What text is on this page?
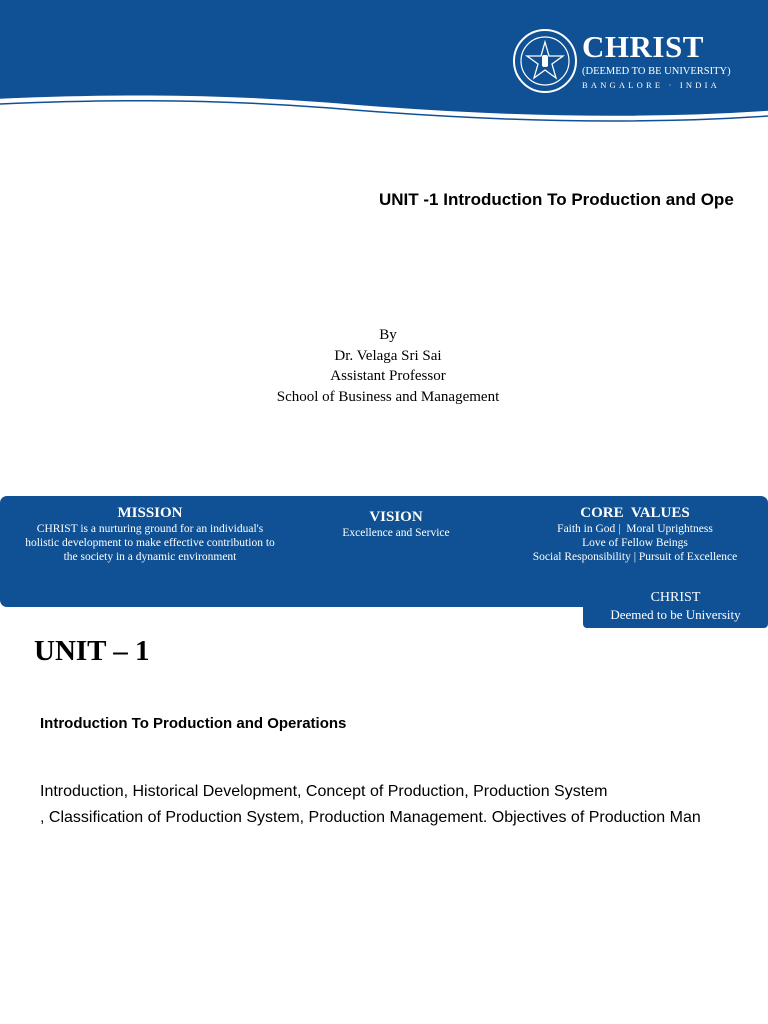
CHRIST
(DEEMED TO BE UNIVERSITY)
BANGALORE · INDIA
UNIT -1 Introduction To Production and Ope
By
Dr. Velaga Sri Sai
Assistant Professor
School of Business and Management
MISSION
CHRIST is a nurturing ground for an individual's
holistic development to make effective contribution to
the society in a dynamic environment
VISION
Excellence and Service
CORE  VALUES
Faith in God |  Moral Uprightness
Love of Fellow Beings
Social Responsibility | Pursuit of Excellence
CHRIST
Deemed to be University
UNIT – 1
Introduction To Production and Operations
Introduction, Historical Development, Concept of Production, Production System
, Classification of Production System, Production Management. Objectives of Production Man
